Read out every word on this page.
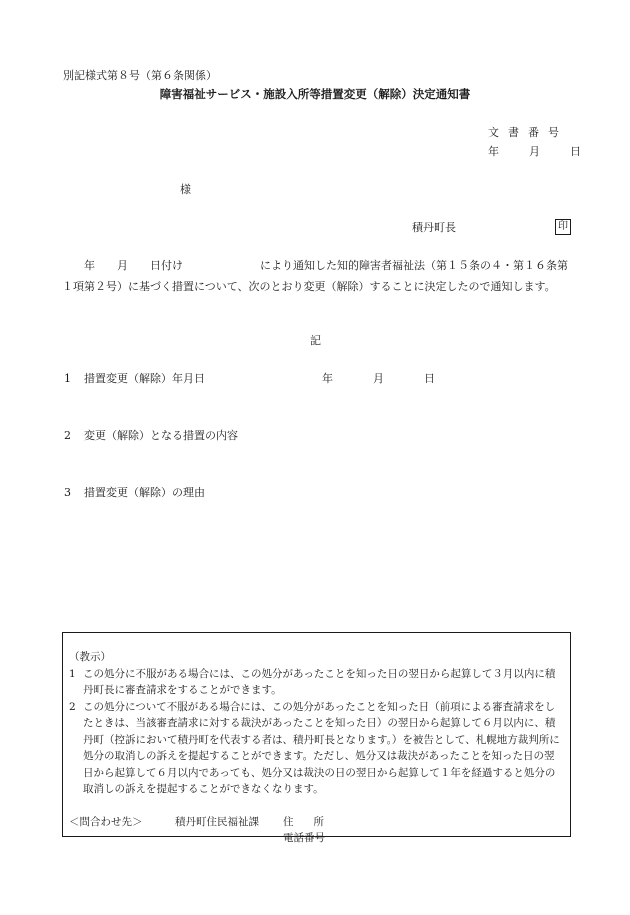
別記様式第８号（第６条関係）
障害福祉サービス・施設入所等措置変更（解除）決定通知書
文書番号
年	月	日
様
積丹町長	印
年　　月　　日付け　　　　　　　により通知した知的障害者福祉法（第１５条の４・第１６条第１項第２号）に基づく措置について、次のとおり変更（解除）することに決定したので通知します。
記
1 措置変更（解除）年月日	年	月	日
2 変更（解除）となる措置の内容
3 措置変更（解除）の理由
（教示）
1 この処分に不服がある場合には、この処分があったことを知った日の翌日から起算して３月以内に積丹町長に審査請求をすることができます。
2 この処分について不服がある場合には、この処分があったことを知った日（前項による審査請求をしたときは、当該審査請求に対する裁決があったことを知った日）の翌日から起算して６月以内に、積丹町（控訴において積丹町を代表する者は、積丹町長となります。）を被告として、札幌地方裁判所に処分の取消しの訴えを提起することができます。ただし、処分又は裁決があったことを知った日の翌日から起算して６月以内であっても、処分又は裁決の日の翌日から起算して１年を経過すると処分の取消しの訴えを提起することができなくなります。
＜問合わせ先＞	積丹町住民福祉課 住所
電話番号
